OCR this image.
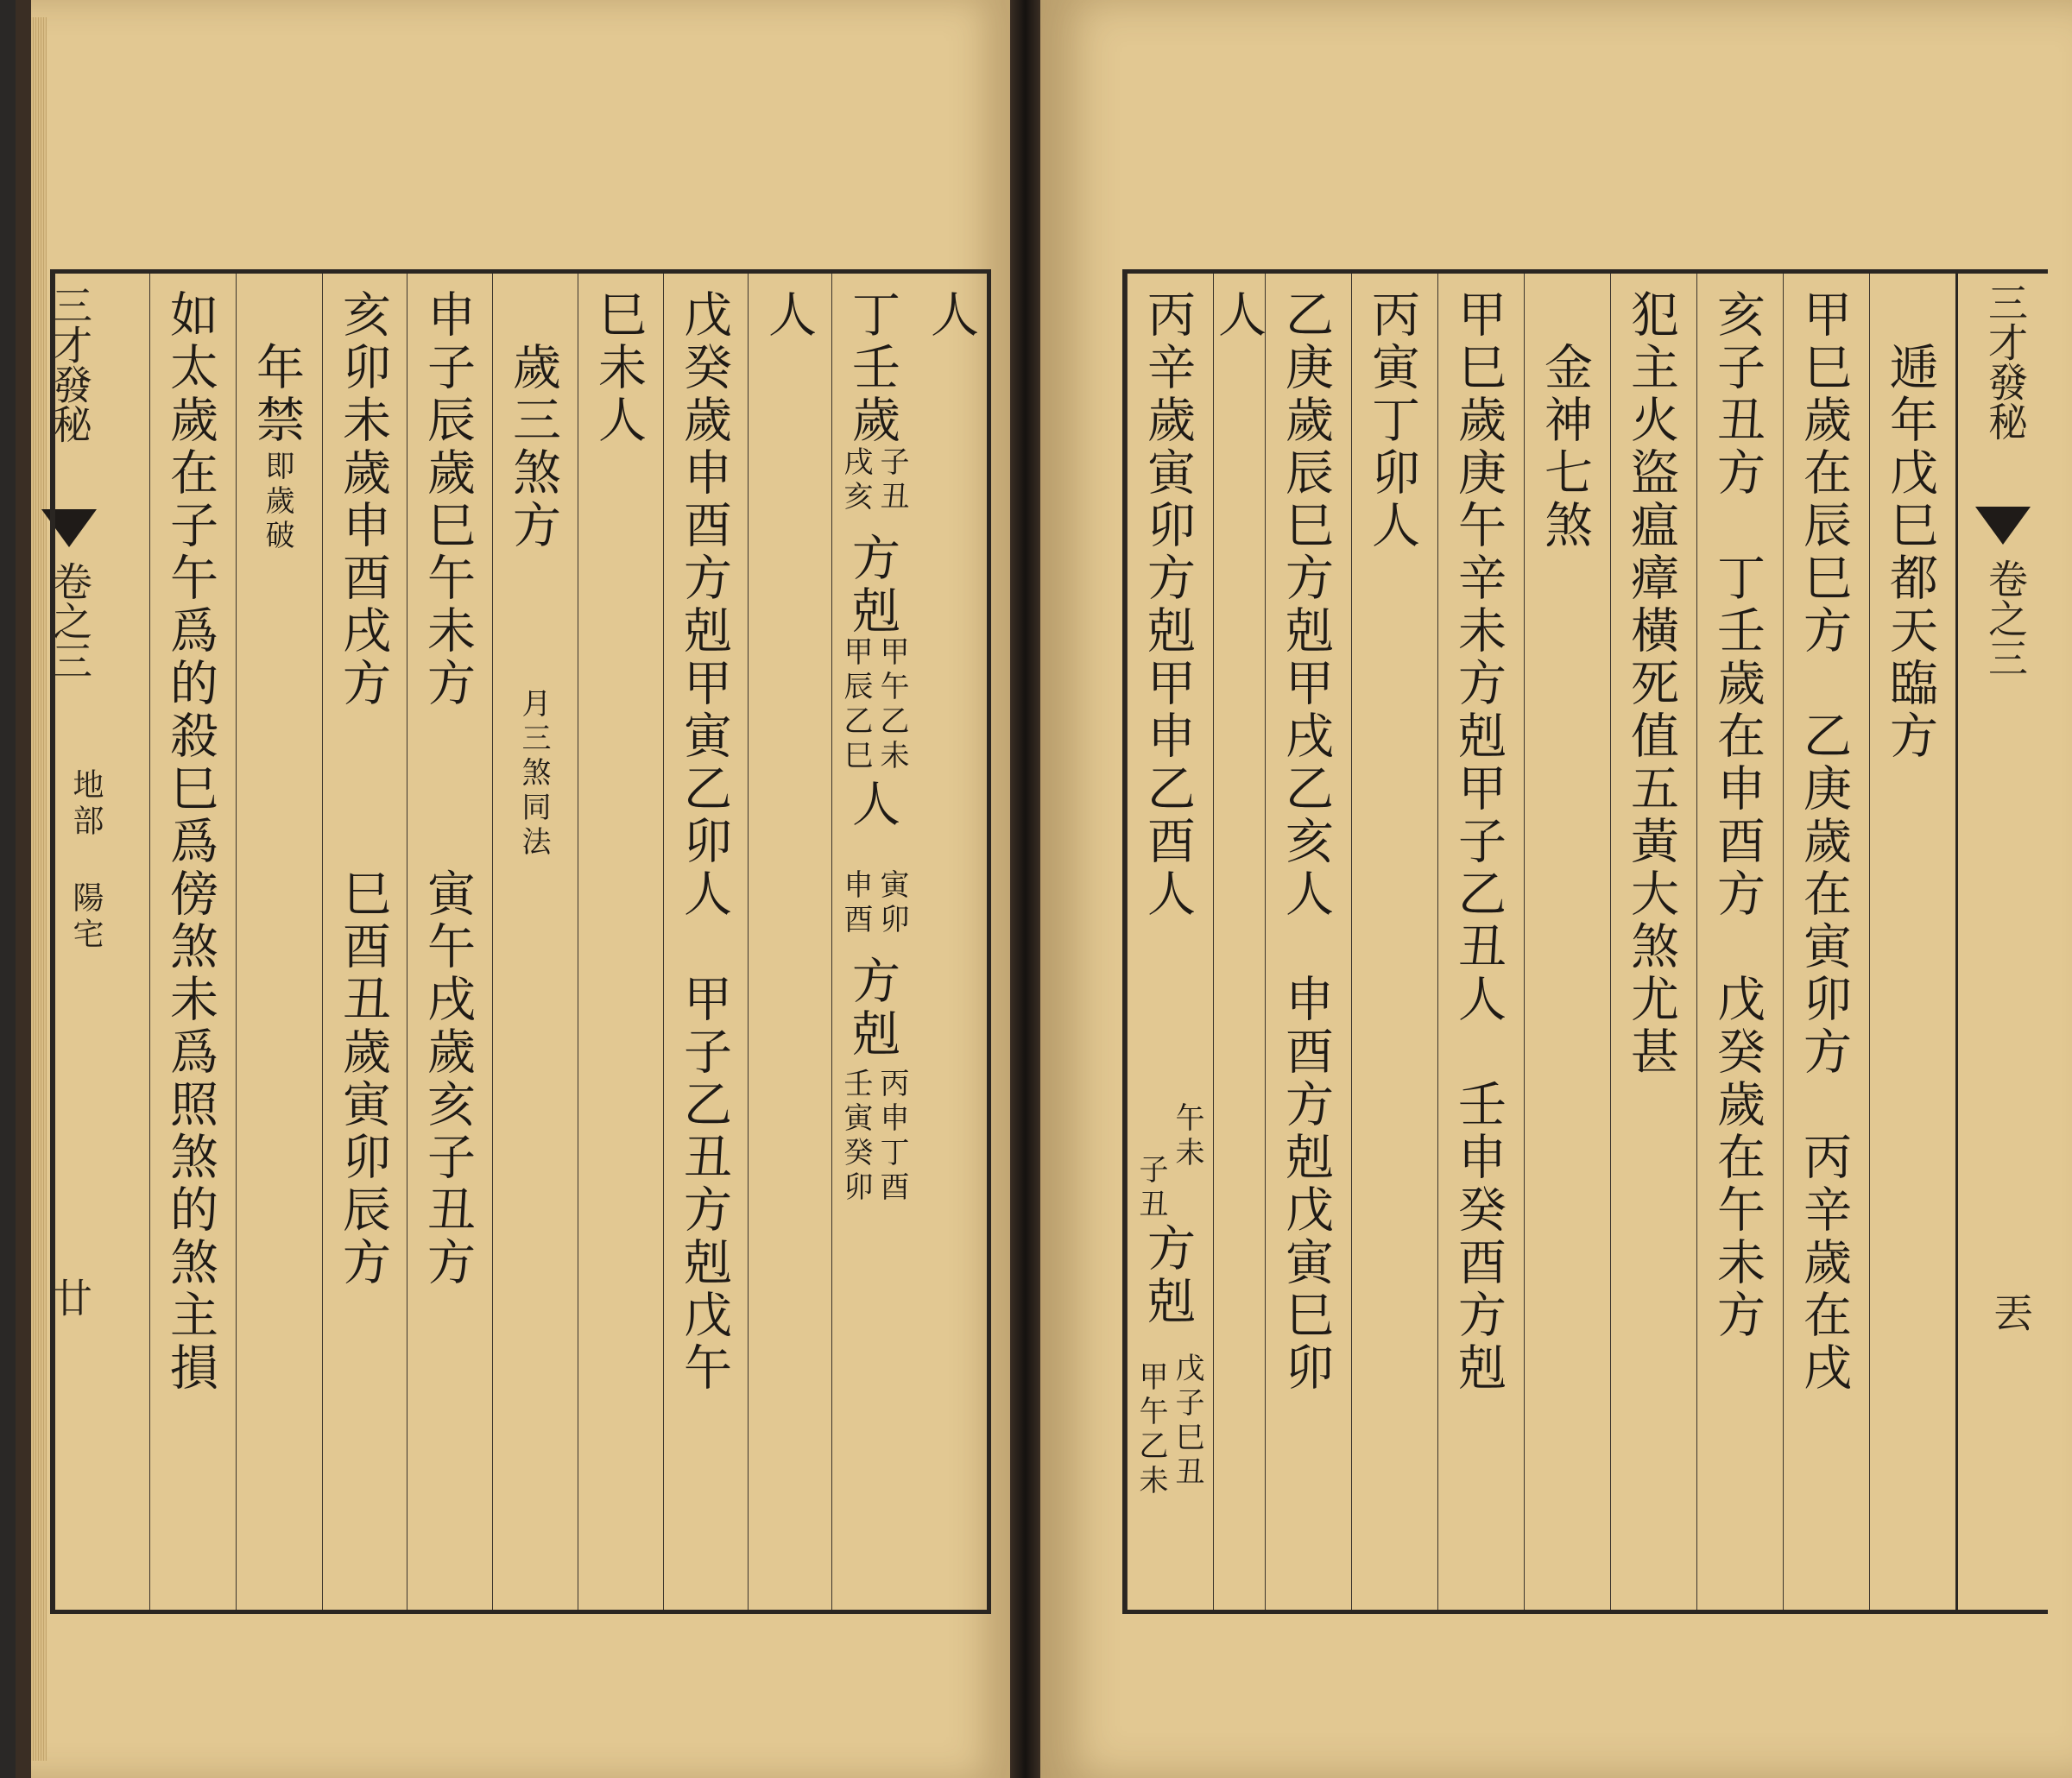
三才發秘
卷之三
地部 陽宅
廿
人
丁壬歲
子丑
戌亥
方剋
甲午乙未
甲辰乙巳
人
寅卯
申酉
方剋
丙申丁酉
壬寅癸卯
人
戊癸歲申酉方剋甲寅乙卯人　甲子乙丑方剋戊午
巳未人
　歲三煞方
月三煞同法
申子辰歲巳午未方　　　寅午戌歲亥子丑方
亥卯未歲申酉戌方　　　巳酉丑歲寅卯辰方
　年禁
即歲破
如太歲在子午爲的殺巳爲傍煞未爲照煞的煞主損	三才發秘
卷之三
丟
　逓年戊巳都天臨方
甲巳歲在辰巳方　乙庚歲在寅卯方　丙辛歲在戌
亥子丑方　丁壬歲在申酉方　戊癸歲在午未方
犯主火盜瘟瘴橫死值五黃大煞尤甚
　金神七煞
甲巳歲庚午辛未方剋甲子乙丑人　壬申癸酉方剋
丙寅丁卯人
乙庚歲辰巳方剋甲戌乙亥人　申酉方剋戊寅巳卯
人
丙辛歲寅卯方剋甲申乙酉人
午未
子丑
方剋
戊子巳丑
甲午乙未
